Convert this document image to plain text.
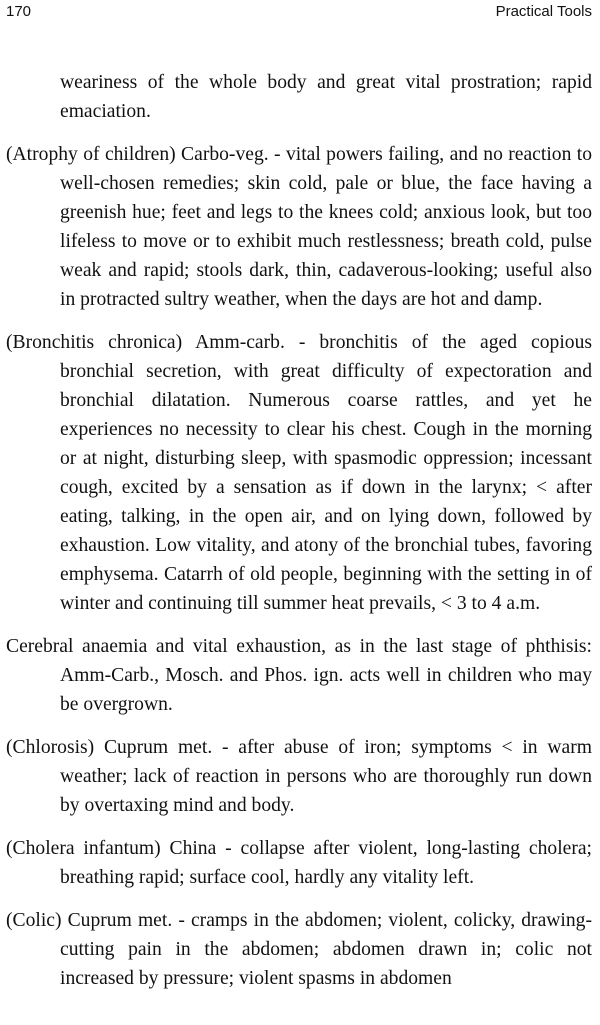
170	Practical Tools

weariness of the whole body and great vital prostration; rapid emaciation.

(Atrophy of children) Carbo-veg. - vital powers failing, and no reaction to well-chosen remedies; skin cold, pale or blue, the face having a greenish hue; feet and legs to the knees cold; anxious look, but too lifeless to move or to exhibit much restlessness; breath cold, pulse weak and rapid; stools dark, thin, cadaverous-looking; useful also in protracted sultry weather, when the days are hot and damp.

(Bronchitis chronica) Amm-carb. - bronchitis of the aged copious bronchial secretion, with great difficulty of expectoration and bronchial dilatation. Numerous coarse rattles, and yet he experiences no necessity to clear his chest. Cough in the morning or at night, disturbing sleep, with spasmodic oppression; incessant cough, excited by a sensation as if down in the larynx; < after eating, talking, in the open air, and on lying down, followed by exhaustion. Low vitality, and atony of the bronchial tubes, favoring emphysema. Catarrh of old people, beginning with the setting in of winter and continuing till summer heat prevails, < 3 to 4 a.m.

Cerebral anaemia and vital exhaustion, as in the last stage of phthisis: Amm-Carb., Mosch. and Phos. ign. acts well in children who may be overgrown.

(Chlorosis) Cuprum met. - after abuse of iron; symptoms < in warm weather; lack of reaction in persons who are thoroughly run down by overtaxing mind and body.

(Cholera infantum) China - collapse after violent, long-lasting cholera; breathing rapid; surface cool, hardly any vitality left.

(Colic) Cuprum met. - cramps in the abdomen; violent, colicky, drawing-cutting pain in the abdomen; abdomen drawn in; colic not increased by pressure; violent spasms in abdomen
